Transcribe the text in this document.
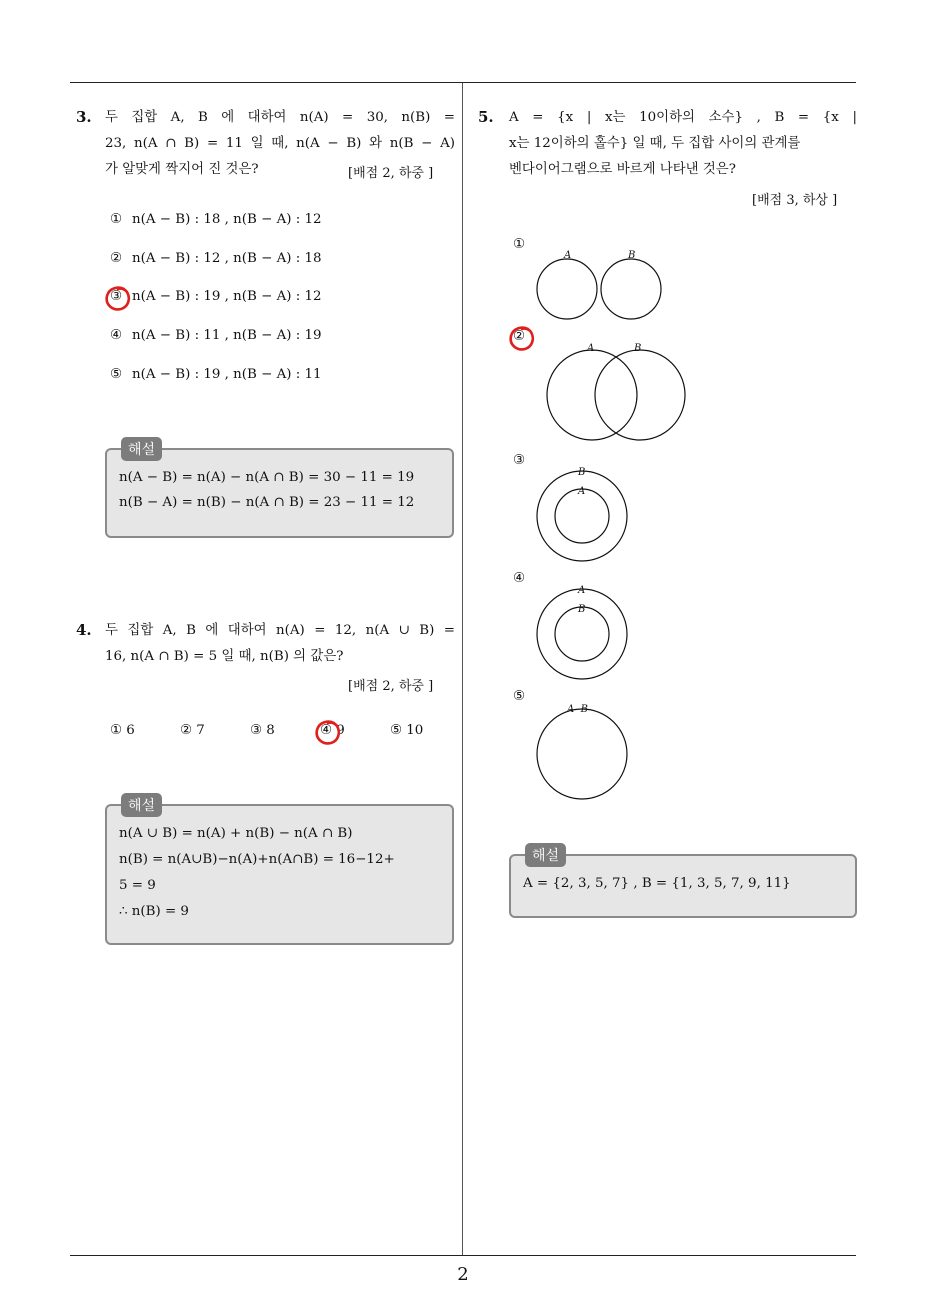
2
3. 두 집합 A, B 에 대하여 n(A) = 30, n(B) =
23, n(A ∩ B) = 11 일 때, n(A − B) 와 n(B − A)
가 알맞게 짝지어 진 것은?	[배점 2, 하중 ]
① n(A − B) : 18 , n(B − A) : 12
② n(A − B) : 12 , n(B − A) : 18
③ n(A − B) : 19 , n(B − A) : 12
④ n(A − B) : 11 , n(B − A) : 19
⑤ n(A − B) : 19 , n(B − A) : 11
해설
n(A − B) = n(A) − n(A ∩ B) = 30 − 11 = 19
n(B − A) = n(B) − n(A ∩ B) = 23 − 11 = 12
4. 두 집합 A, B 에 대하여 n(A) = 12, n(A ∪ B) =
16, n(A ∩ B) = 5 일 때, n(B) 의 값은?
[배점 2, 하중 ]
① 6	② 7	③ 8	④ 9	⑤ 10
해설
n(A ∪ B) = n(A) + n(B) − n(A ∩ B)
n(B) = n(A∪B)−n(A)+n(A∩B) = 16−12+
5 = 9
∴ n(B) = 9
5. A = {x | x는 10이하의 소수} , B = {x |
x는 12이하의 홀수} 일 때, 두 집합 사이의 관계를
벤다이어그램으로 바르게 나타낸 것은?
[배점 3, 하상 ]
①
A	B
②
A	B
③
B
A
④
A
B
⑤
A  B
해설
A = {2, 3, 5, 7} , B = {1, 3, 5, 7, 9, 11}
